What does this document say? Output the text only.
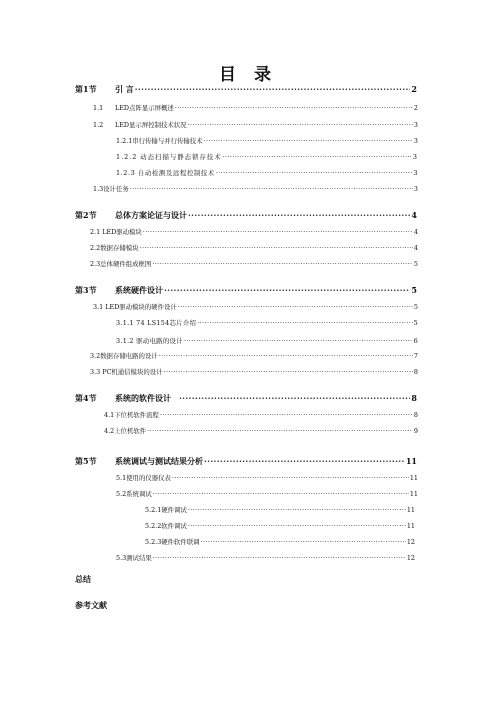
目 录
第1节	引 言 ·····	2
1.1	LED点阵显示屏概述 ·····	2
1.2	LED显示屏控制技术状况 ·····	3
1.2.1串行传输与并行传输技术 ·····	3
1.2.2 动态扫描与静态锁存技术 ·····	3
1.2.3 自动检测及远程控制技术 ·····	3
1.3设计任务 ·····	3
第2节	总体方案论证与设计 ·····	4
2.1 LED驱动模块 ·····	4
2.2数据存储模块 ·····	4
2.3总体硬件组成框图 ·····	5
第3节	系统硬件设计 ·····	5
3.1 LED驱动模块的硬件设计 ·····	5
3.1.1 74 LS154芯片介绍 ·····	5
3.1.2 驱动电路的设计 ·····	6
3.2数据存储电路的设计 ·····	7
3.3 PC机通信模块的设计 ·····	8
第4节	系统的软件设计 ·····	8
4.1下位机软件流程 ·····	8
4.2上位机软件 ·····	9
第5节	系统调试与测试结果分析 ·····	11
5.1使用的仪器仪表 ·····	11
5.2系统调试 ·····	11
5.2.1硬件调试 ·····	11
5.2.2软件调试 ·····	11
5.2.3硬件软件联调 ·····	12
5.3测试结果 ·····	12
总结
参考文献
